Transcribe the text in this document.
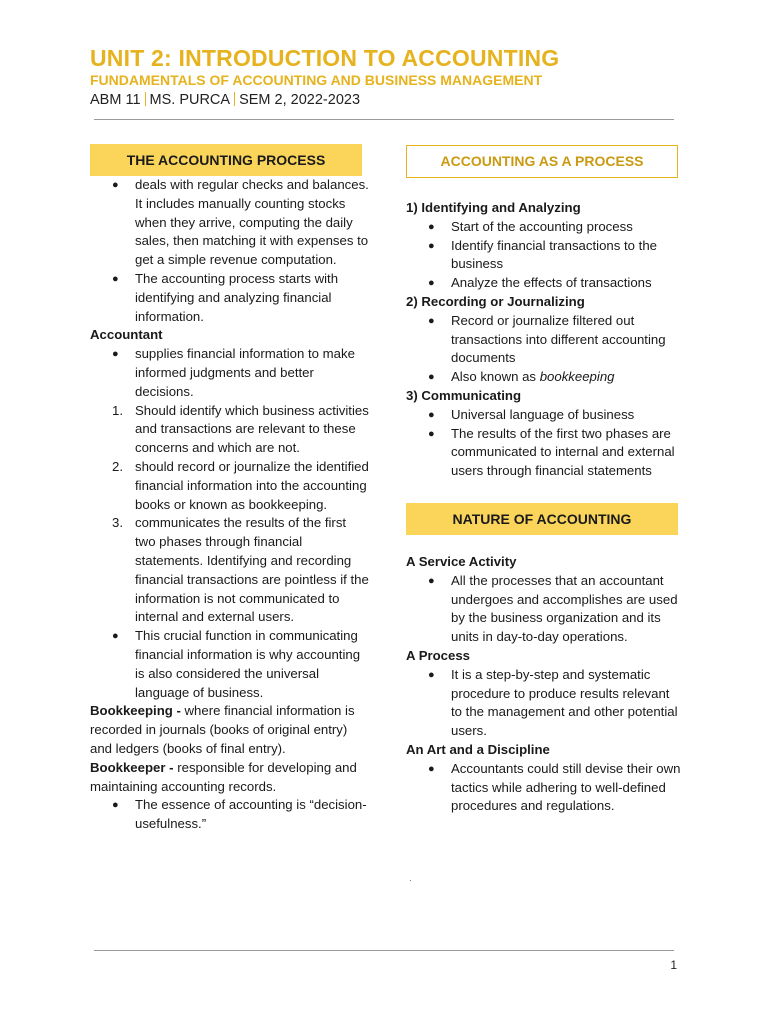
UNIT 2: INTRODUCTION TO ACCOUNTING
FUNDAMENTALS OF ACCOUNTING AND BUSINESS MANAGEMENT
ABM 11 MS. PURCA SEM 2, 2022-2023
THE ACCOUNTING PROCESS
● deals with regular checks and balances. It includes manually counting stocks when they arrive, computing the daily sales, then matching it with expenses to get a simple revenue computation.
● The accounting process starts with identifying and analyzing financial information.
Accountant
● supplies financial information to make informed judgments and better decisions.
1. Should identify which business activities and transactions are relevant to these concerns and which are not.
2. should record or journalize the identified financial information into the accounting books or known as bookkeeping.
3. communicates the results of the first two phases through financial statements. Identifying and recording financial transactions are pointless if the information is not communicated to internal and external users.
● This crucial function in communicating financial information is why accounting is also considered the universal language of business.
Bookkeeping - where financial information is recorded in journals (books of original entry) and ledgers (books of final entry).
Bookkeeper - responsible for developing and maintaining accounting records.
● The essence of accounting is “decision-usefulness.”
ACCOUNTING AS A PROCESS
1) Identifying and Analyzing
● Start of the accounting process
● Identify financial transactions to the business
● Analyze the effects of transactions
2) Recording or Journalizing
● Record or journalize filtered out transactions into different accounting documents
● Also known as bookkeeping
3) Communicating
● Universal language of business
● The results of the first two phases are communicated to internal and external users through financial statements
NATURE OF ACCOUNTING
A Service Activity
● All the processes that an accountant undergoes and accomplishes are used by the business organization and its units in day-to-day operations.
A Process
● It is a step-by-step and systematic procedure to produce results relevant to the management and other potential users.
An Art and a Discipline
● Accountants could still devise their own tactics while adhering to well-defined procedures and regulations.
.
1
